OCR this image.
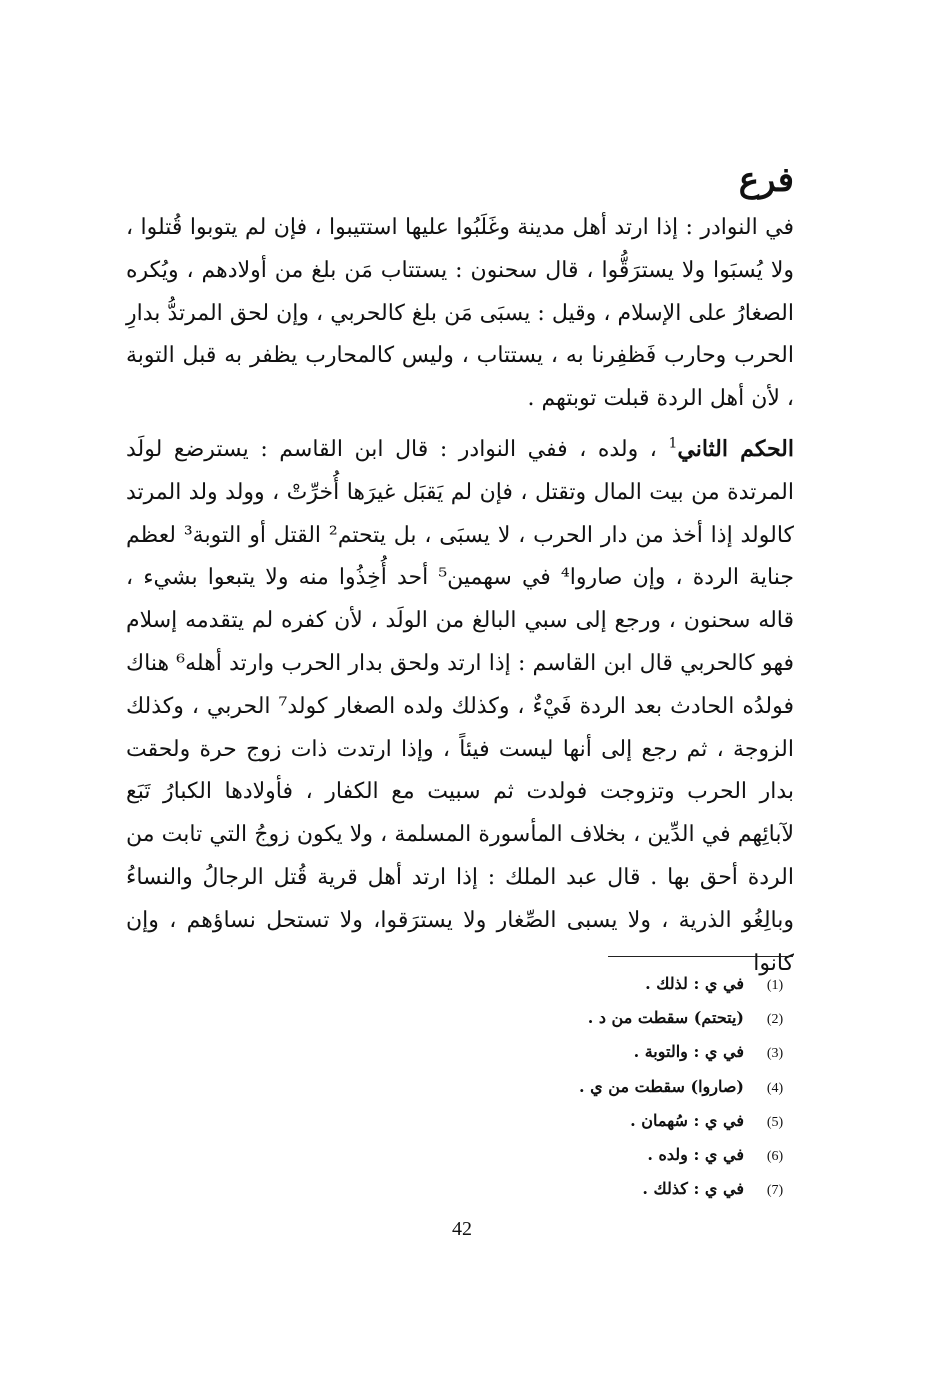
فرع

في النوادر : إذا ارتد أهل مدينة وغَلَبُوا عليها استتيبوا ، فإن لم يتوبوا قُتلوا ، ولا يُسبَوا ولا يسترَقُّوا ، قال سحنون : يستتاب مَن بلغ من أولادهم ، ويُكره الصغارُ على الإسلام ، وقيل : يسبَى مَن بلغ كالحربي ، وإن لحق المرتدُّ بدارِ الحرب وحارب فَظفِرنا به ، يستتاب ، وليس كالمحارب يظفر به قبل التوبة ، لأن أهل الردة قبلت توبتهم .

الحكم الثاني$^1$ ، ولده ، ففي النوادر : قال ابن القاسم : يسترضع لولَد المرتدة من بيت المال وتقتل ، فإن لم يَقبَل غيرَها أُخرِّتْ ، وولد ولد المرتد كالولد إذا أخذ من دار الحرب ، لا يسبَى ، بل يتحتم² القتل أو التوبة³ لعظم جناية الردة ، وإن صاروا⁴ في سهمين⁵ أحد أُخِذُوا منه ولا يتبعوا بشيء ، قاله سحنون ، ورجع إلى سبي البالغ من الولَد ، لأن كفره لم يتقدمه إسلام فهو كالحربي قال ابن القاسم : إذا ارتد ولحق بدار الحرب وارتد أهله⁶ هناك فولدُه الحادث بعد الردة فَيْءٌ ، وكذلك ولده الصغار كولد⁷ الحربي ، وكذلك الزوجة ، ثم رجع إلى أنها ليست فيئاً ، وإذا ارتدت ذات زوج حرة ولحقت بدار الحرب وتزوجت فولدت ثم سبيت مع الكفار ، فأولادها الكبارُ تَبَع لآبائِهم في الدِّين ، بخلاف المأسورة المسلمة ، ولا يكون زوجُ التي تابت من الردة أحق بها . قال عبد الملك : إذا ارتد أهل قرية قُتل الرجالُ والنساءُ وبالِغُو الذرية ، ولا يسبى الصِّغار ولا يسترَقوا، ولا تستحل نساؤهم ، وإن كانوا

(1)
في ي : لذلك .
(2)
(يتحتم) سقطت من د .
(3)
في ي : والتوبة .
(4)
(صاروا) سقطت من ي .
(5)
في ي : سُهمان .
(6)
في ي : ولده .
(7)
في ي : كذلك .
42
